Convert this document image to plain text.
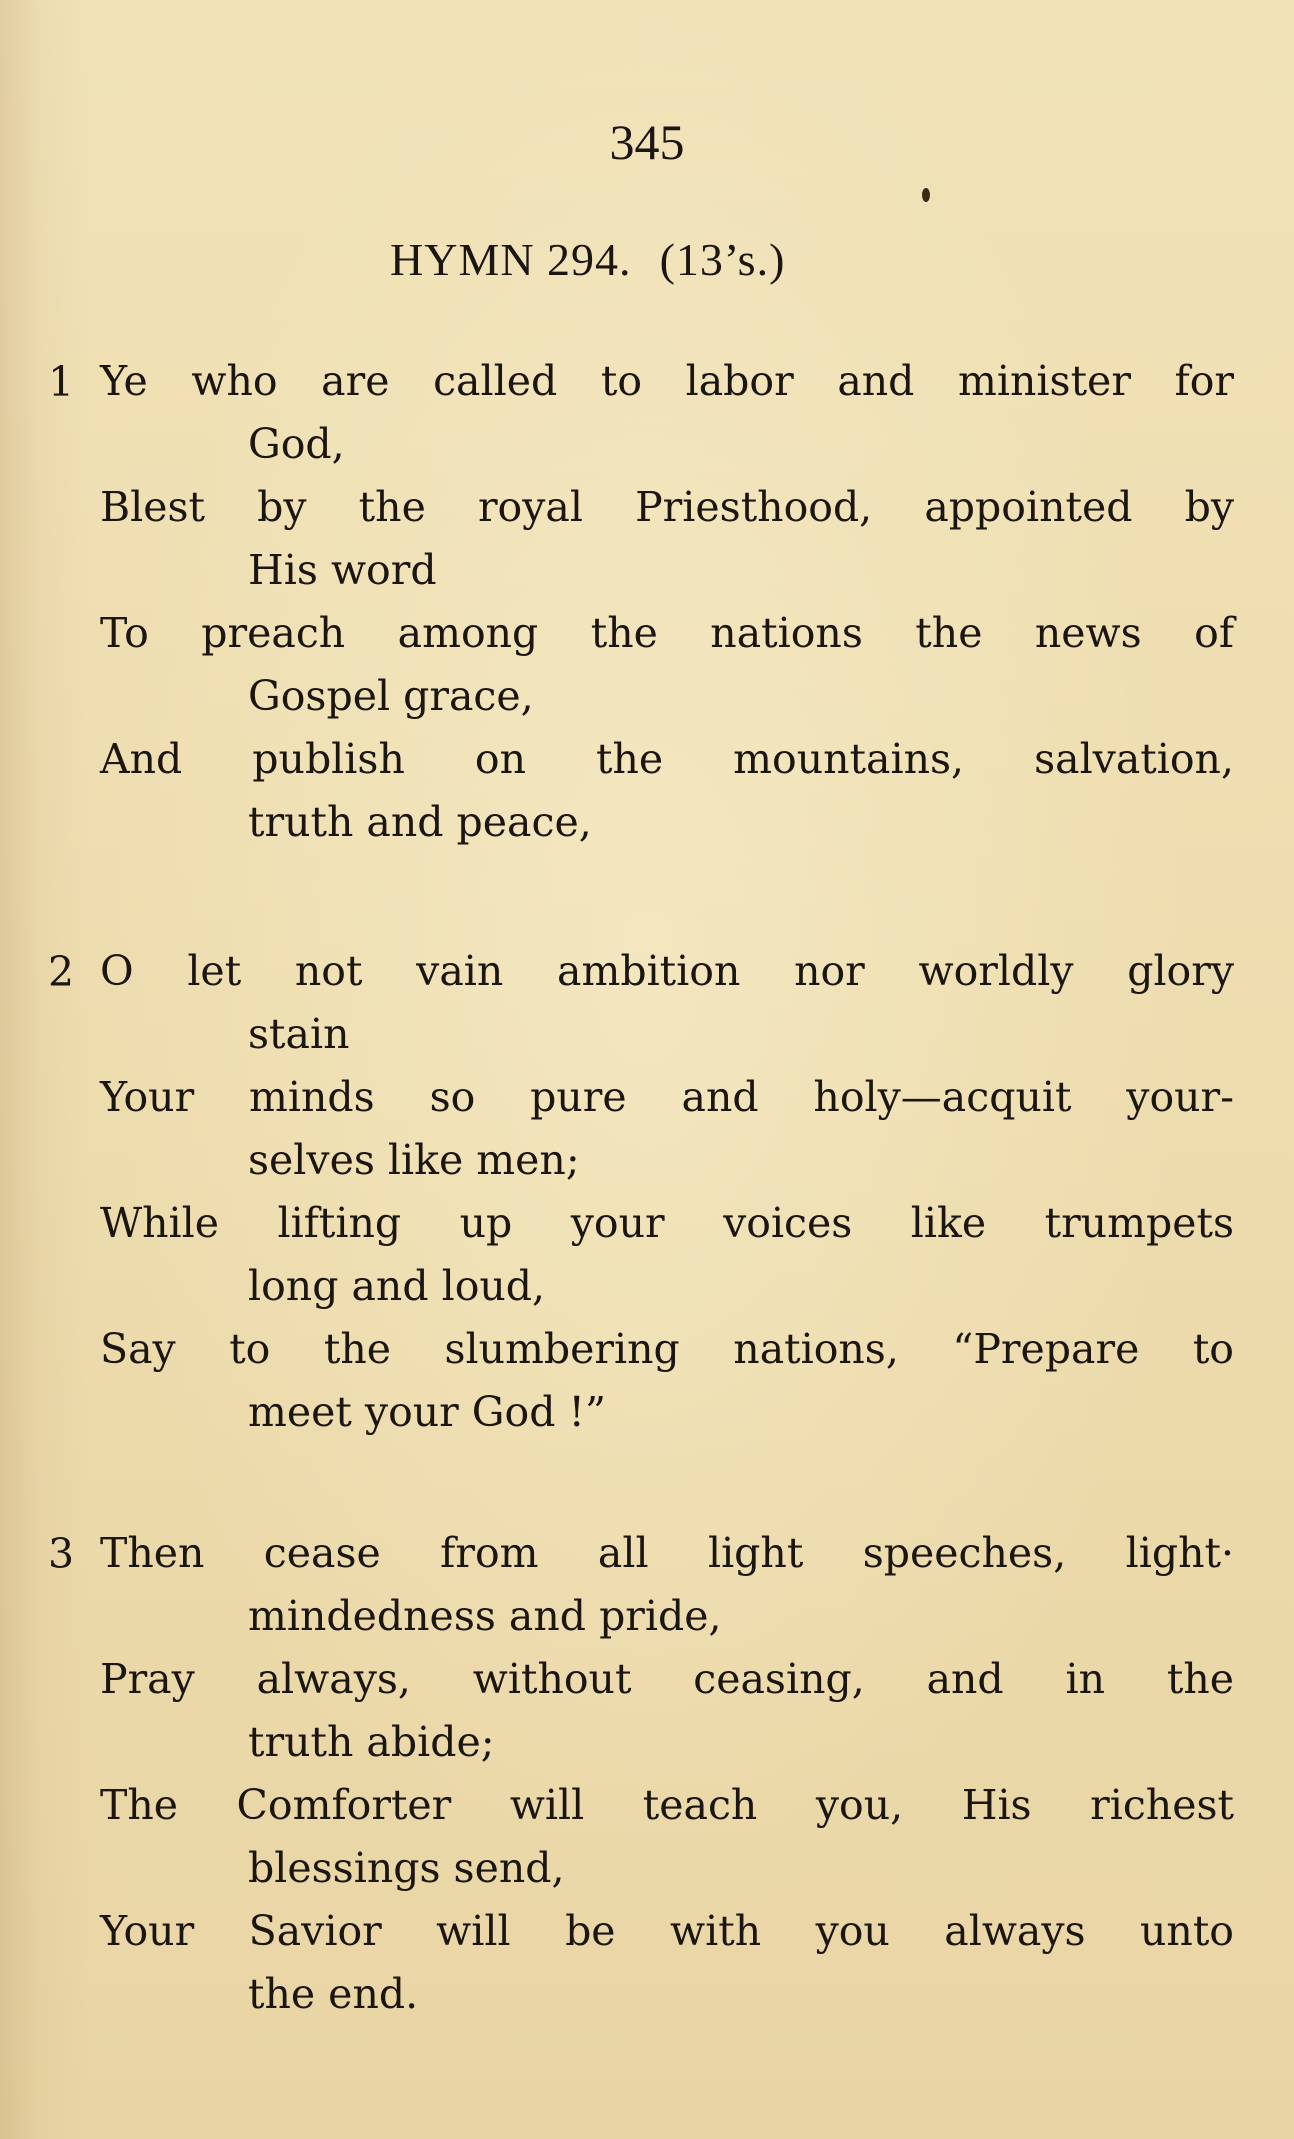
345
HYMN 294. (13’s.)
1 Ye who are called to labor and minister for
God,
Blest by the royal Priesthood, appointed by
His word
To preach among the nations the news of
Gospel grace,
And publish on the mountains, salvation,
truth and peace,
2 O let not vain ambition nor worldly glory
stain
Your minds so pure and holy—acquit your-
selves like men;
While lifting up your voices like trumpets
long and loud,
Say to the slumbering nations, “Prepare to
meet your God !”
3 Then cease from all light speeches, light·
mindedness and pride,
Pray always, without ceasing, and in the
truth abide;
The Comforter will teach you, His richest
blessings send,
Your Savior will be with you always unto
the end.
